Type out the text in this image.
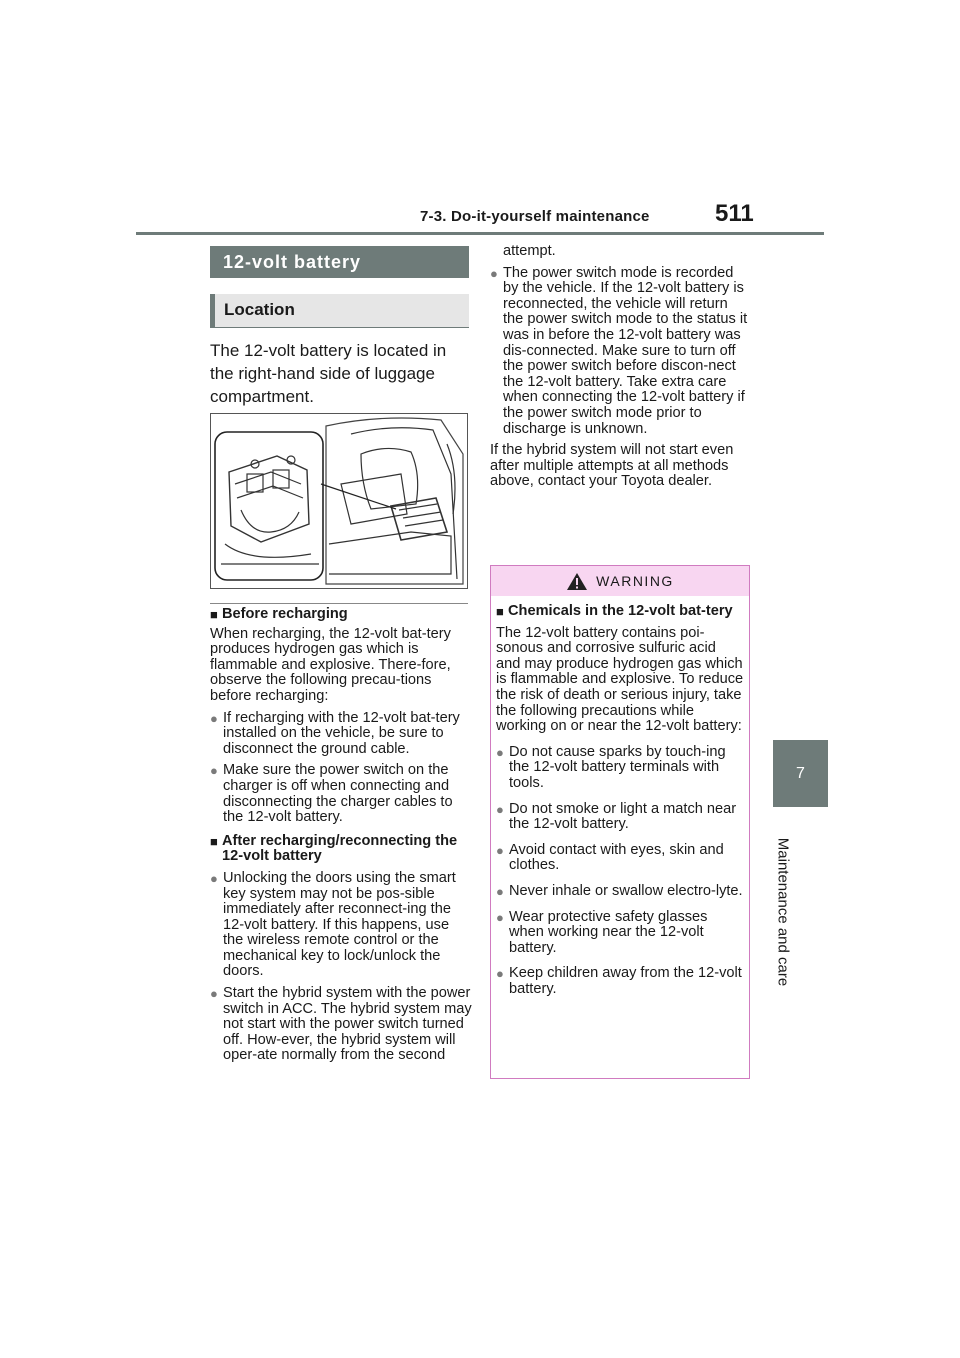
7-3. Do-it-yourself maintenance	511
7
Maintenance and care
12-volt battery
Location
The 12-volt battery is located in the right-hand side of luggage compartment.
■ Before recharging

When recharging, the 12-volt bat-tery produces hydrogen gas which is flammable and explosive. There-fore, observe the following precau-tions before recharging:

● If recharging with the 12-volt bat-tery installed on the vehicle, be sure to disconnect the ground cable.
● Make sure the power switch on the charger is off when connecting and disconnecting the charger cables to the 12-volt battery.
■ After recharging/reconnecting the 12-volt battery
● Unlocking the doors using the smart key system may not be pos-sible immediately after reconnect-ing the 12-volt battery. If this happens, use the wireless remote control or the mechanical key to lock/unlock the doors.
● Start the hybrid system with the power switch in ACC. The hybrid system may not start with the power switch turned off. How-ever, the hybrid system will oper-ate normally from the second

attempt.

● The power switch mode is recorded by the vehicle. If the 12-volt battery is reconnected, the vehicle will return the power switch mode to the status it was in before the 12-volt battery was dis-connected. Make sure to turn off the power switch before discon-nect the 12-volt battery. Take extra care when connecting the 12-volt battery if the power switch mode prior to discharge is unknown.

If the hybrid system will not start even after multiple attempts at all methods above, contact your Toyota dealer.

WARNING
■ Chemicals in the 12-volt bat-tery

The 12-volt battery contains poi-sonous and corrosive sulfuric acid and may produce hydrogen gas which is flammable and explosive. To reduce the risk of death or serious injury, take the following precautions while working on or near the 12-volt battery:

● Do not cause sparks by touch-ing the 12-volt battery terminals with tools.
● Do not smoke or light a match near the 12-volt battery.
● Avoid contact with eyes, skin and clothes.
● Never inhale or swallow electro-lyte.
● Wear protective safety glasses when working near the 12-volt battery.
● Keep children away from the 12-volt battery.
